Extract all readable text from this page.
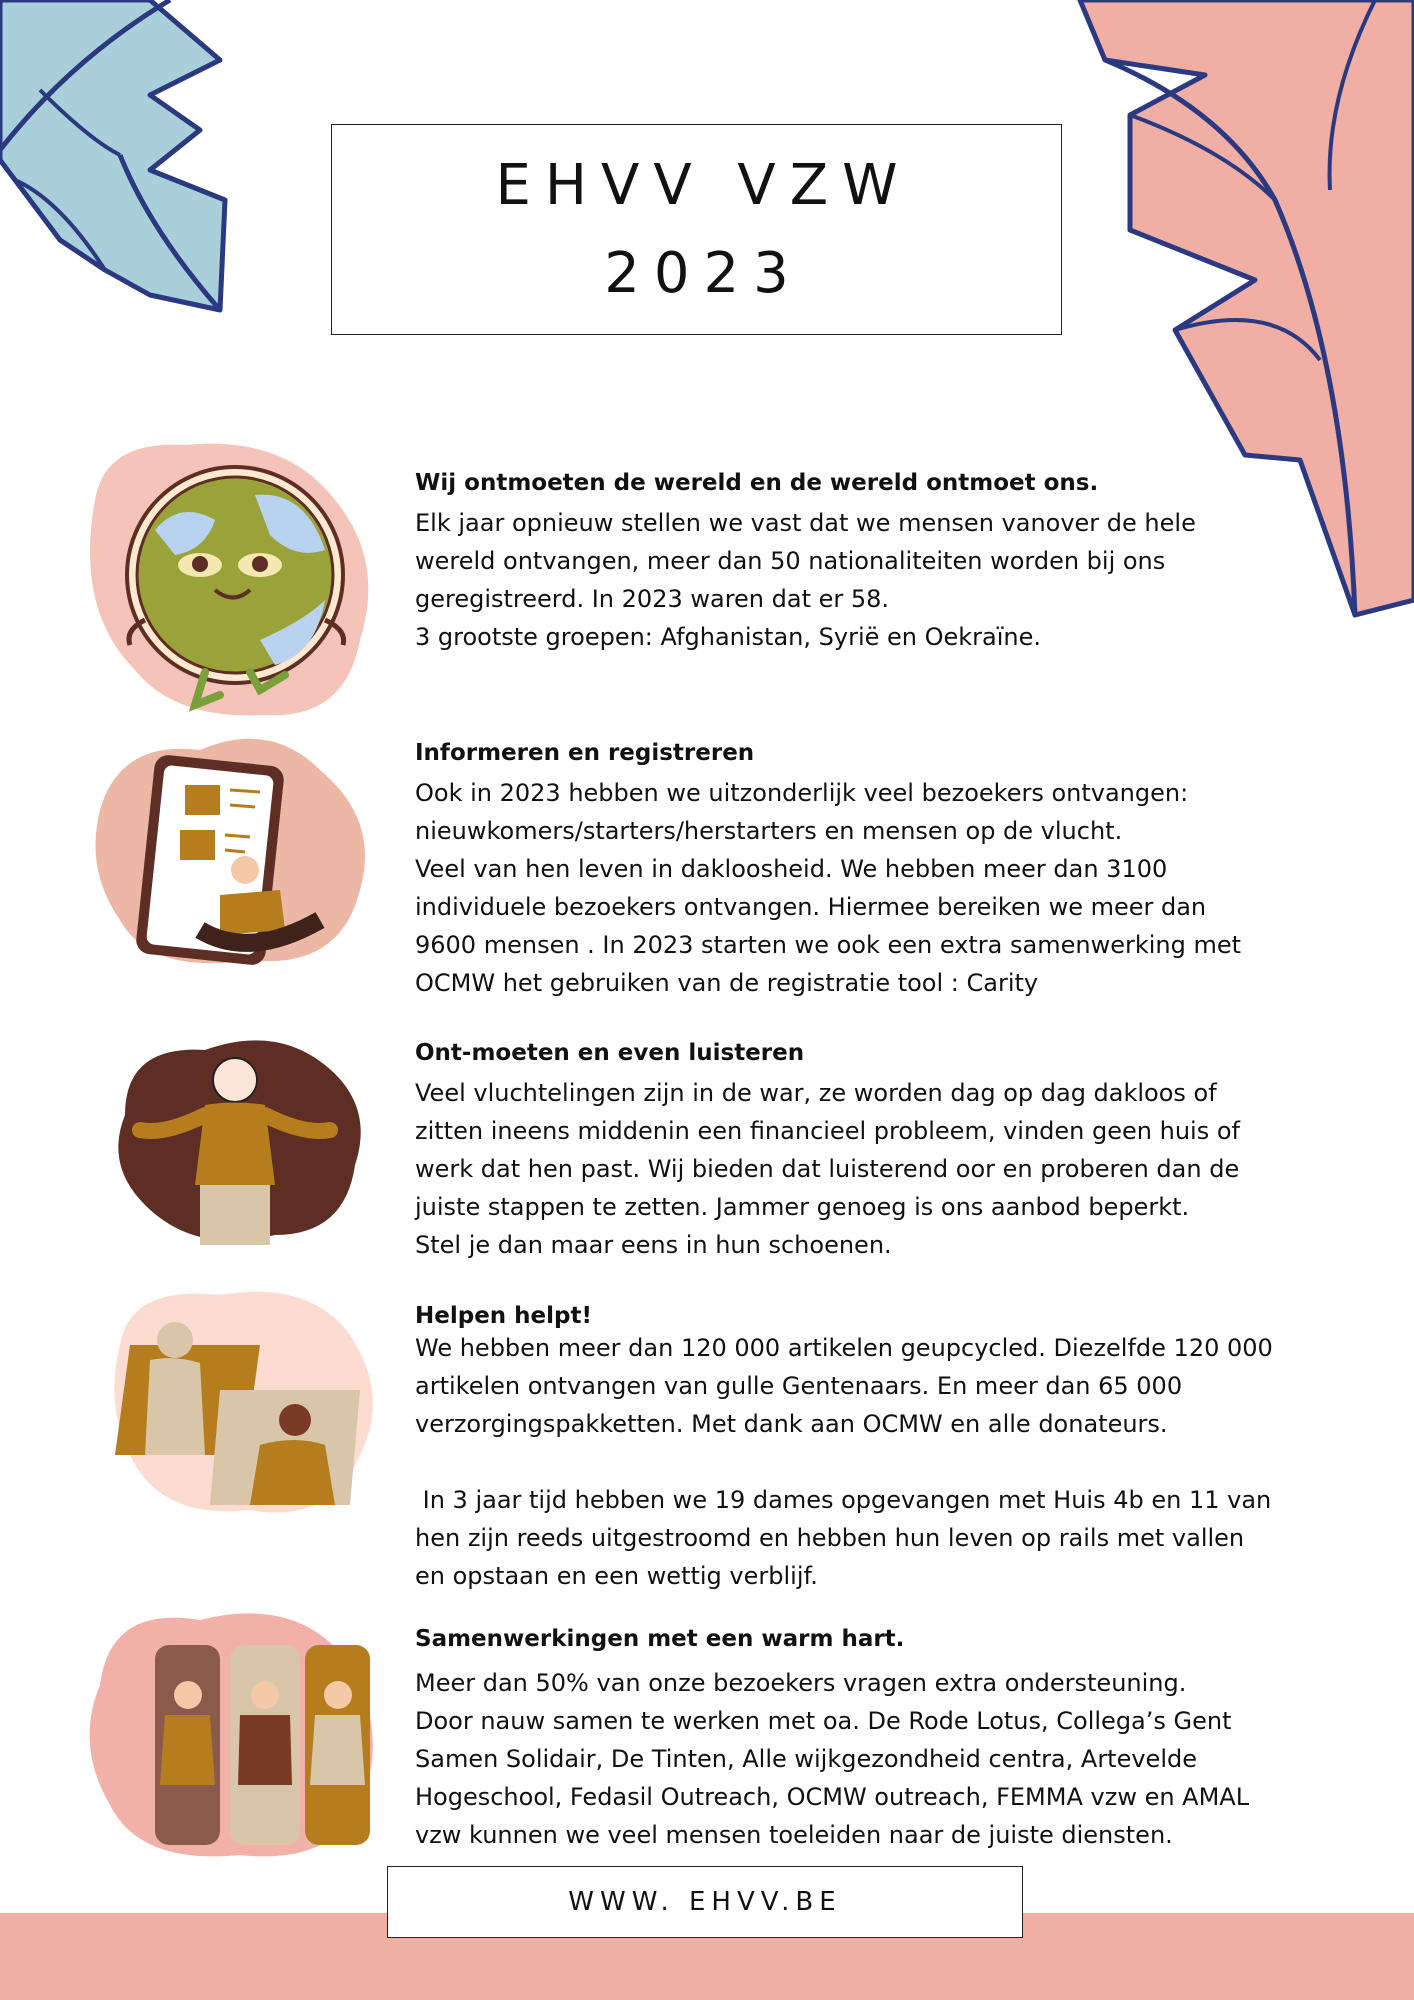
EHVV VZW
2023
Wij ontmoeten de wereld en de wereld ontmoet ons.

Elk jaar opnieuw stellen we vast dat we mensen vanover de hele

wereld ontvangen, meer dan 50 nationaliteiten worden bij ons

geregistreerd. In 2023 waren dat er 58.

3 grootste groepen: Afghanistan, Syrië en Oekraïne.

Informeren en registreren

Ook in 2023 hebben we uitzonderlijk veel bezoekers ontvangen:

nieuwkomers/starters/herstarters en mensen op de vlucht.

Veel van hen leven in dakloosheid. We hebben meer dan 3100

individuele bezoekers ontvangen. Hiermee bereiken we meer dan

9600 mensen . In 2023 starten we ook een extra samenwerking met

OCMW het gebruiken van de registratie tool : Carity

Ont-moeten en even luisteren

Veel vluchtelingen zijn in de war, ze worden dag op dag dakloos of

zitten ineens middenin een financieel probleem, vinden geen huis of

werk dat hen past. Wij bieden dat luisterend oor en proberen dan de

juiste stappen te zetten. Jammer genoeg is ons aanbod beperkt.

Stel je dan maar eens in hun schoenen.

Helpen helpt!

We hebben meer dan 120 000 artikelen geupcycled. Diezelfde 120 000

artikelen ontvangen van gulle Gentenaars. En meer dan 65 000

verzorgingspakketten. Met dank aan OCMW en alle donateurs.

In 3 jaar tijd hebben we 19 dames opgevangen met Huis 4b en 11 van

hen zijn reeds uitgestroomd en hebben hun leven op rails met vallen

en opstaan en een wettig verblijf.

Samenwerkingen met een warm hart.

Meer dan 50% van onze bezoekers vragen extra ondersteuning.

Door nauw samen te werken met oa. De Rode Lotus, Collega’s Gent

Samen Solidair, De Tinten, Alle wijkgezondheid centra, Artevelde

Hogeschool, Fedasil Outreach, OCMW outreach, FEMMA vzw en AMAL

vzw kunnen we veel mensen toeleiden naar de juiste diensten.

WWW. EHVV.BE
